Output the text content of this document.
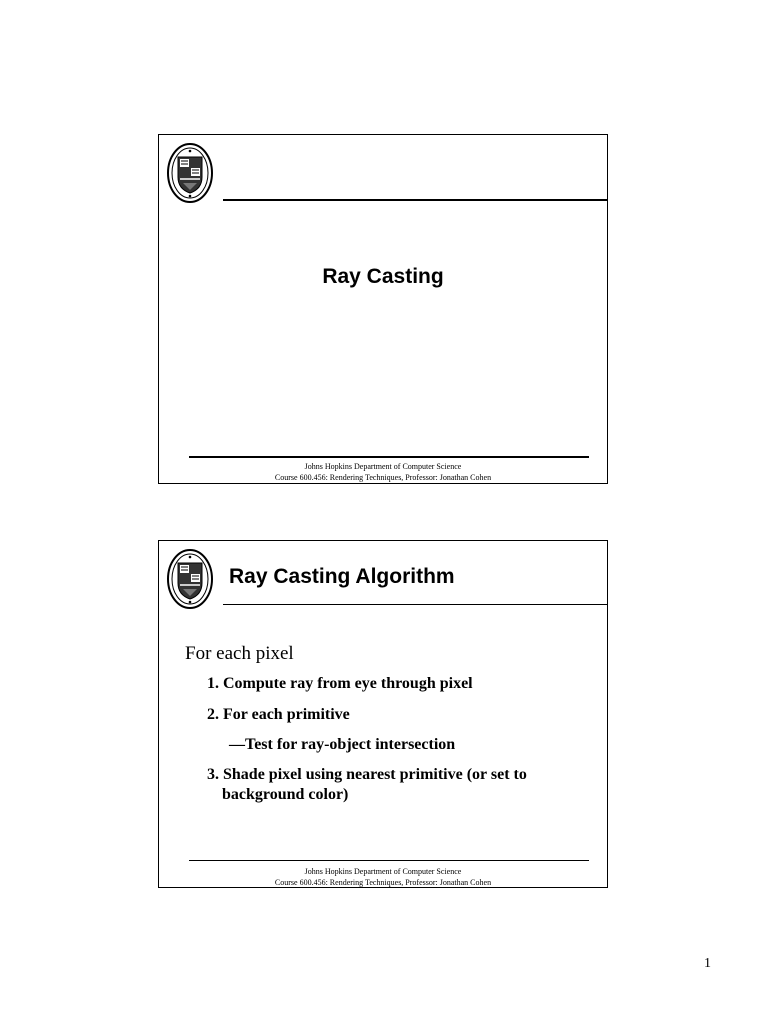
Ray Casting
Johns Hopkins Department of Computer Science
Course 600.456: Rendering Techniques, Professor: Jonathan Cohen
Ray Casting Algorithm
For each pixel
1. Compute ray from eye through pixel
2. For each primitive
—Test for ray-object intersection
3. Shade pixel using nearest primitive (or set to
background color)
Johns Hopkins Department of Computer Science
Course 600.456: Rendering Techniques, Professor: Jonathan Cohen
1
